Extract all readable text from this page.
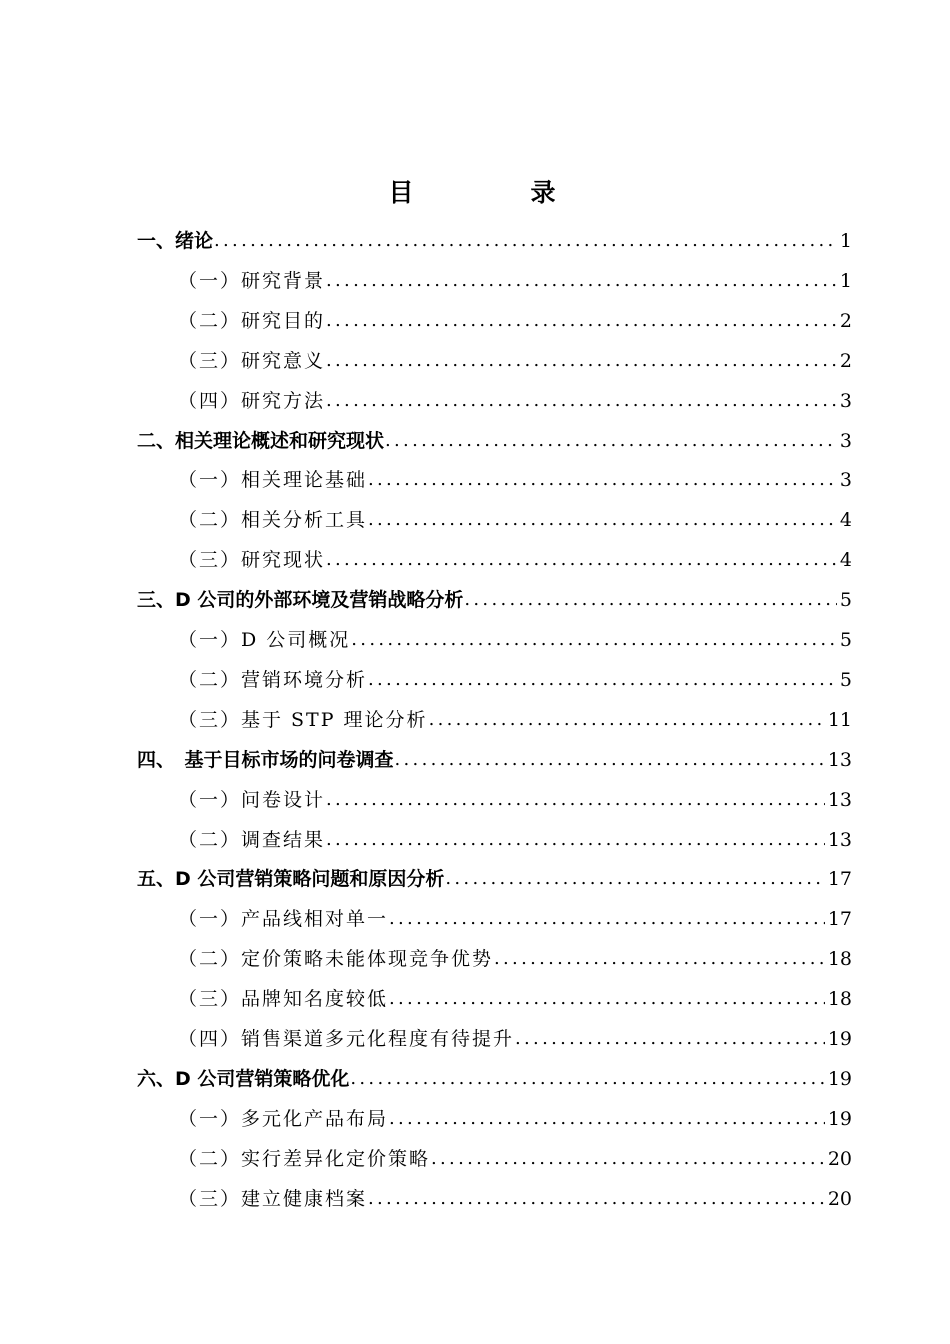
目　录
一、绪论 .....	1
（一）研究背景 .....	1
（二）研究目的 .....	2
（三）研究意义 .....	2
（四）研究方法 .....	3
二、相关理论概述和研究现状 .....	3
（一）相关理论基础 .....	3
（二）相关分析工具 .....	4
（三）研究现状 .....	4
三、D 公司的外部环境及营销战略分析 .....	5
（一）D 公司概况 .....	5
（二）营销环境分析 .....	5
（三）基于 STP 理论分析 .....	11
四、　基于目标市场的问卷调查 .....	13
（一）问卷设计 .....	13
（二）调查结果 .....	13
五、D 公司营销策略问题和原因分析 .....	17
（一）产品线相对单一 .....	17
（二）定价策略未能体现竞争优势 .....	18
（三）品牌知名度较低 .....	18
（四）销售渠道多元化程度有待提升 .....	19
六、D 公司营销策略优化 .....	19
（一）多元化产品布局 .....	19
（二）实行差异化定价策略 .....	20
（三）建立健康档案 .....	20
